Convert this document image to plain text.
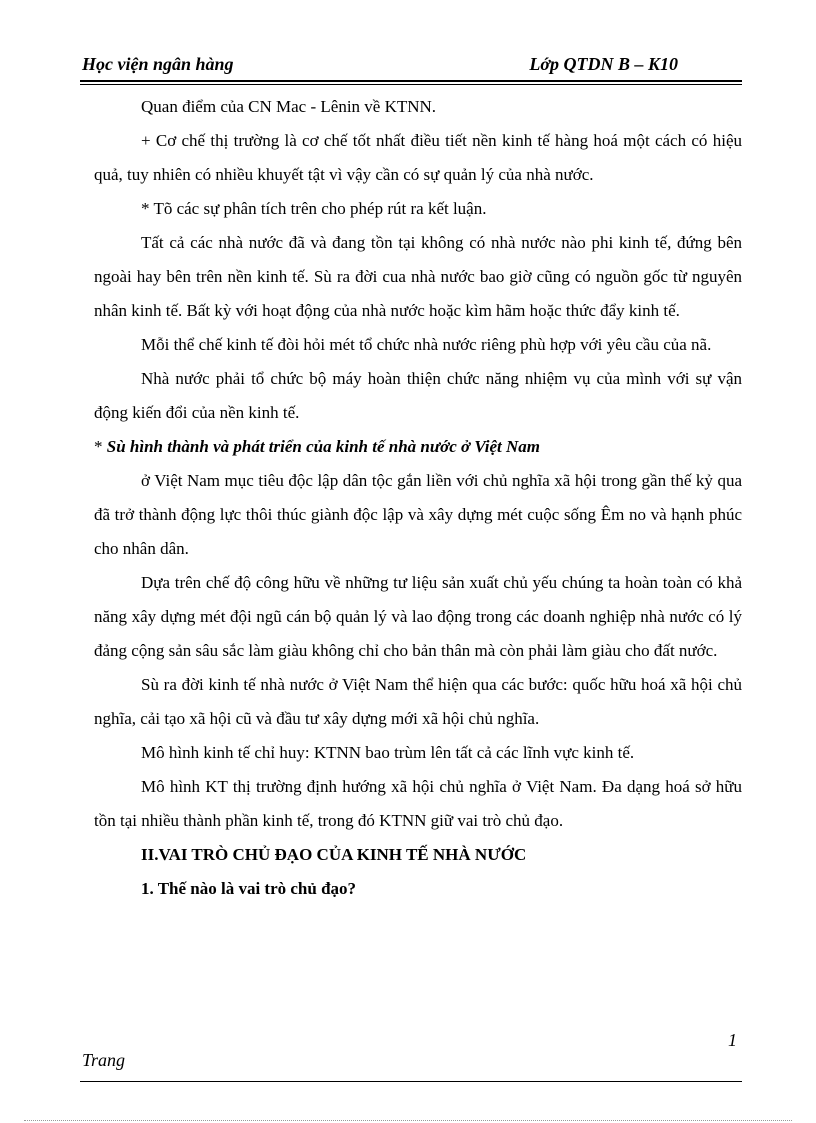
Học viện ngân hàng	Lớp QTDN B – K10

Quan điểm của CN Mac - Lênin về KTNN.

+ Cơ chế thị trường là cơ chế tốt nhất điều tiết nền kinh tế hàng hoá một cách có hiệu quả, tuy nhiên có nhiều khuyết tật vì vậy cần có sự quản lý của nhà nước.

* Tõ các sự phân tích trên cho phép rút ra kết luận.

Tất cả các nhà nước đã và đang tồn tại không có nhà nước nào phi kinh tế, đứng bên ngoài hay bên trên nền kinh tế. Sù ra đời cua nhà nước bao giờ cũng có nguồn gốc từ nguyên nhân kinh tế. Bất kỳ với hoạt động của nhà nước hoặc kìm hãm hoặc thức đẩy kinh tế.

Mỗi thể chế kinh tế đòi hỏi mét tổ chức nhà nước riêng phù hợp với yêu cầu của nã.

Nhà nước phải tổ chức bộ máy hoàn thiện chức năng nhiệm vụ của mình với sự vận động kiến đổi của nền kinh tế.

* Sù hình thành và phát triển của kinh tế nhà nước ở Việt Nam

ở Việt Nam mục tiêu độc lập dân tộc gắn liền với chủ nghĩa xã hội trong gần thế kỷ qua đã trở thành động lực thôi thúc giành độc lập và xây dựng mét cuộc sống Êm no và hạnh phúc cho nhân dân.

Dựa trên chế độ công hữu về những tư liệu sản xuất chủ yếu chúng ta hoàn toàn có khả năng xây dựng mét đội ngũ cán bộ quản lý và lao động trong các doanh nghiệp nhà nước có lý đảng cộng sản sâu sắc làm giàu không chỉ cho bản thân mà còn phải làm giàu cho đất nước.

Sù ra đời kinh tế nhà nước ở Việt Nam thể hiện qua các bước: quốc hữu hoá xã hội chủ nghĩa, cải tạo xã hội cũ và đầu tư xây dựng mới xã hội chủ nghĩa.

Mô hình kinh tế chỉ huy: KTNN bao trùm lên tất cả các lĩnh vực kinh tế.

Mô hình KT thị trường định hướng xã hội chủ nghĩa ở Việt Nam. Đa dạng hoá sở hữu tồn tại nhiều thành phần kinh tế, trong đó KTNN giữ vai trò chủ đạo.

II.VAI TRÒ CHỦ ĐẠO CỦA KINH TẾ NHÀ NƯỚC

1. Thế nào là vai trò chủ đạo?

1
Trang
